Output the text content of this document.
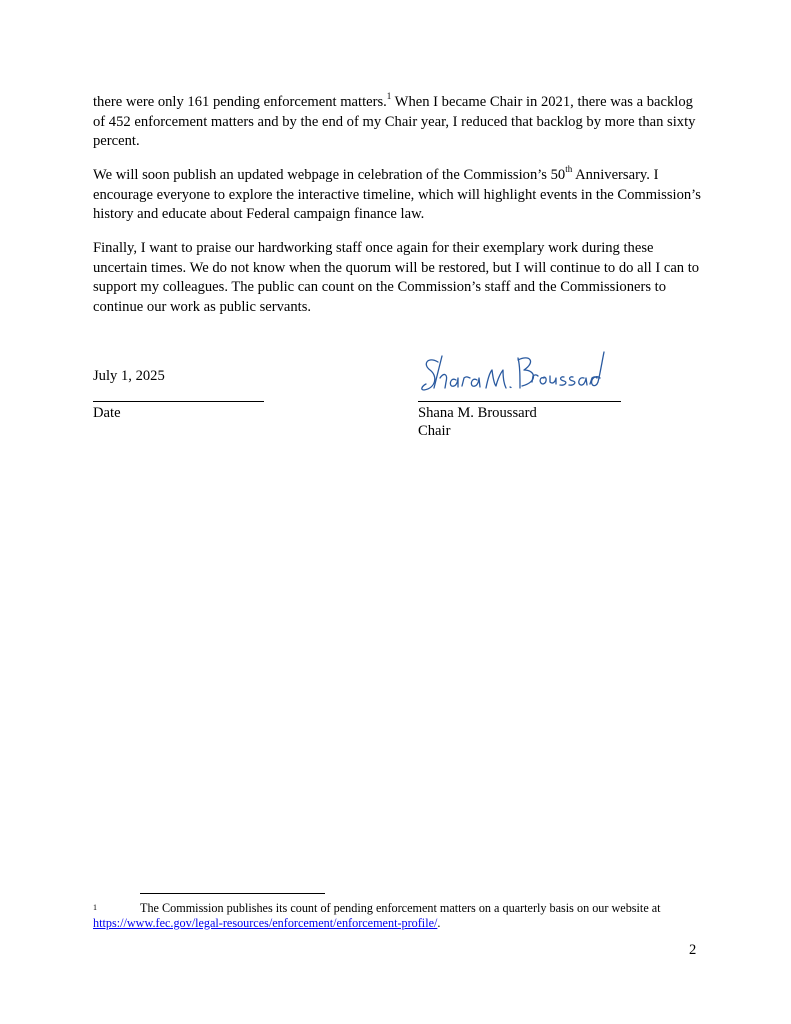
there were only 161 pending enforcement matters.$^1$ When I became Chair in 2021, there was a backlog of 452 enforcement matters and by the end of my Chair year, I reduced that backlog by more than sixty percent.

We will soon publish an updated webpage in celebration of the Commission’s 50th Anniversary. I encourage everyone to explore the interactive timeline, which will highlight events in the Commission’s history and educate about Federal campaign finance law.

Finally, I want to praise our hardworking staff once again for their exemplary work during these uncertain times. We do not know when the quorum will be restored, but I will continue to do all I can to support my colleagues. The public can count on the Commission’s staff and the Commissioners to continue our work as public servants.

July 1, 2025
Date	Shana M. Broussard
Chair
1	The Commission publishes its count of pending enforcement matters on a quarterly basis on our website at https://www.fec.gov/legal-resources/enforcement/enforcement-profile/.
2
